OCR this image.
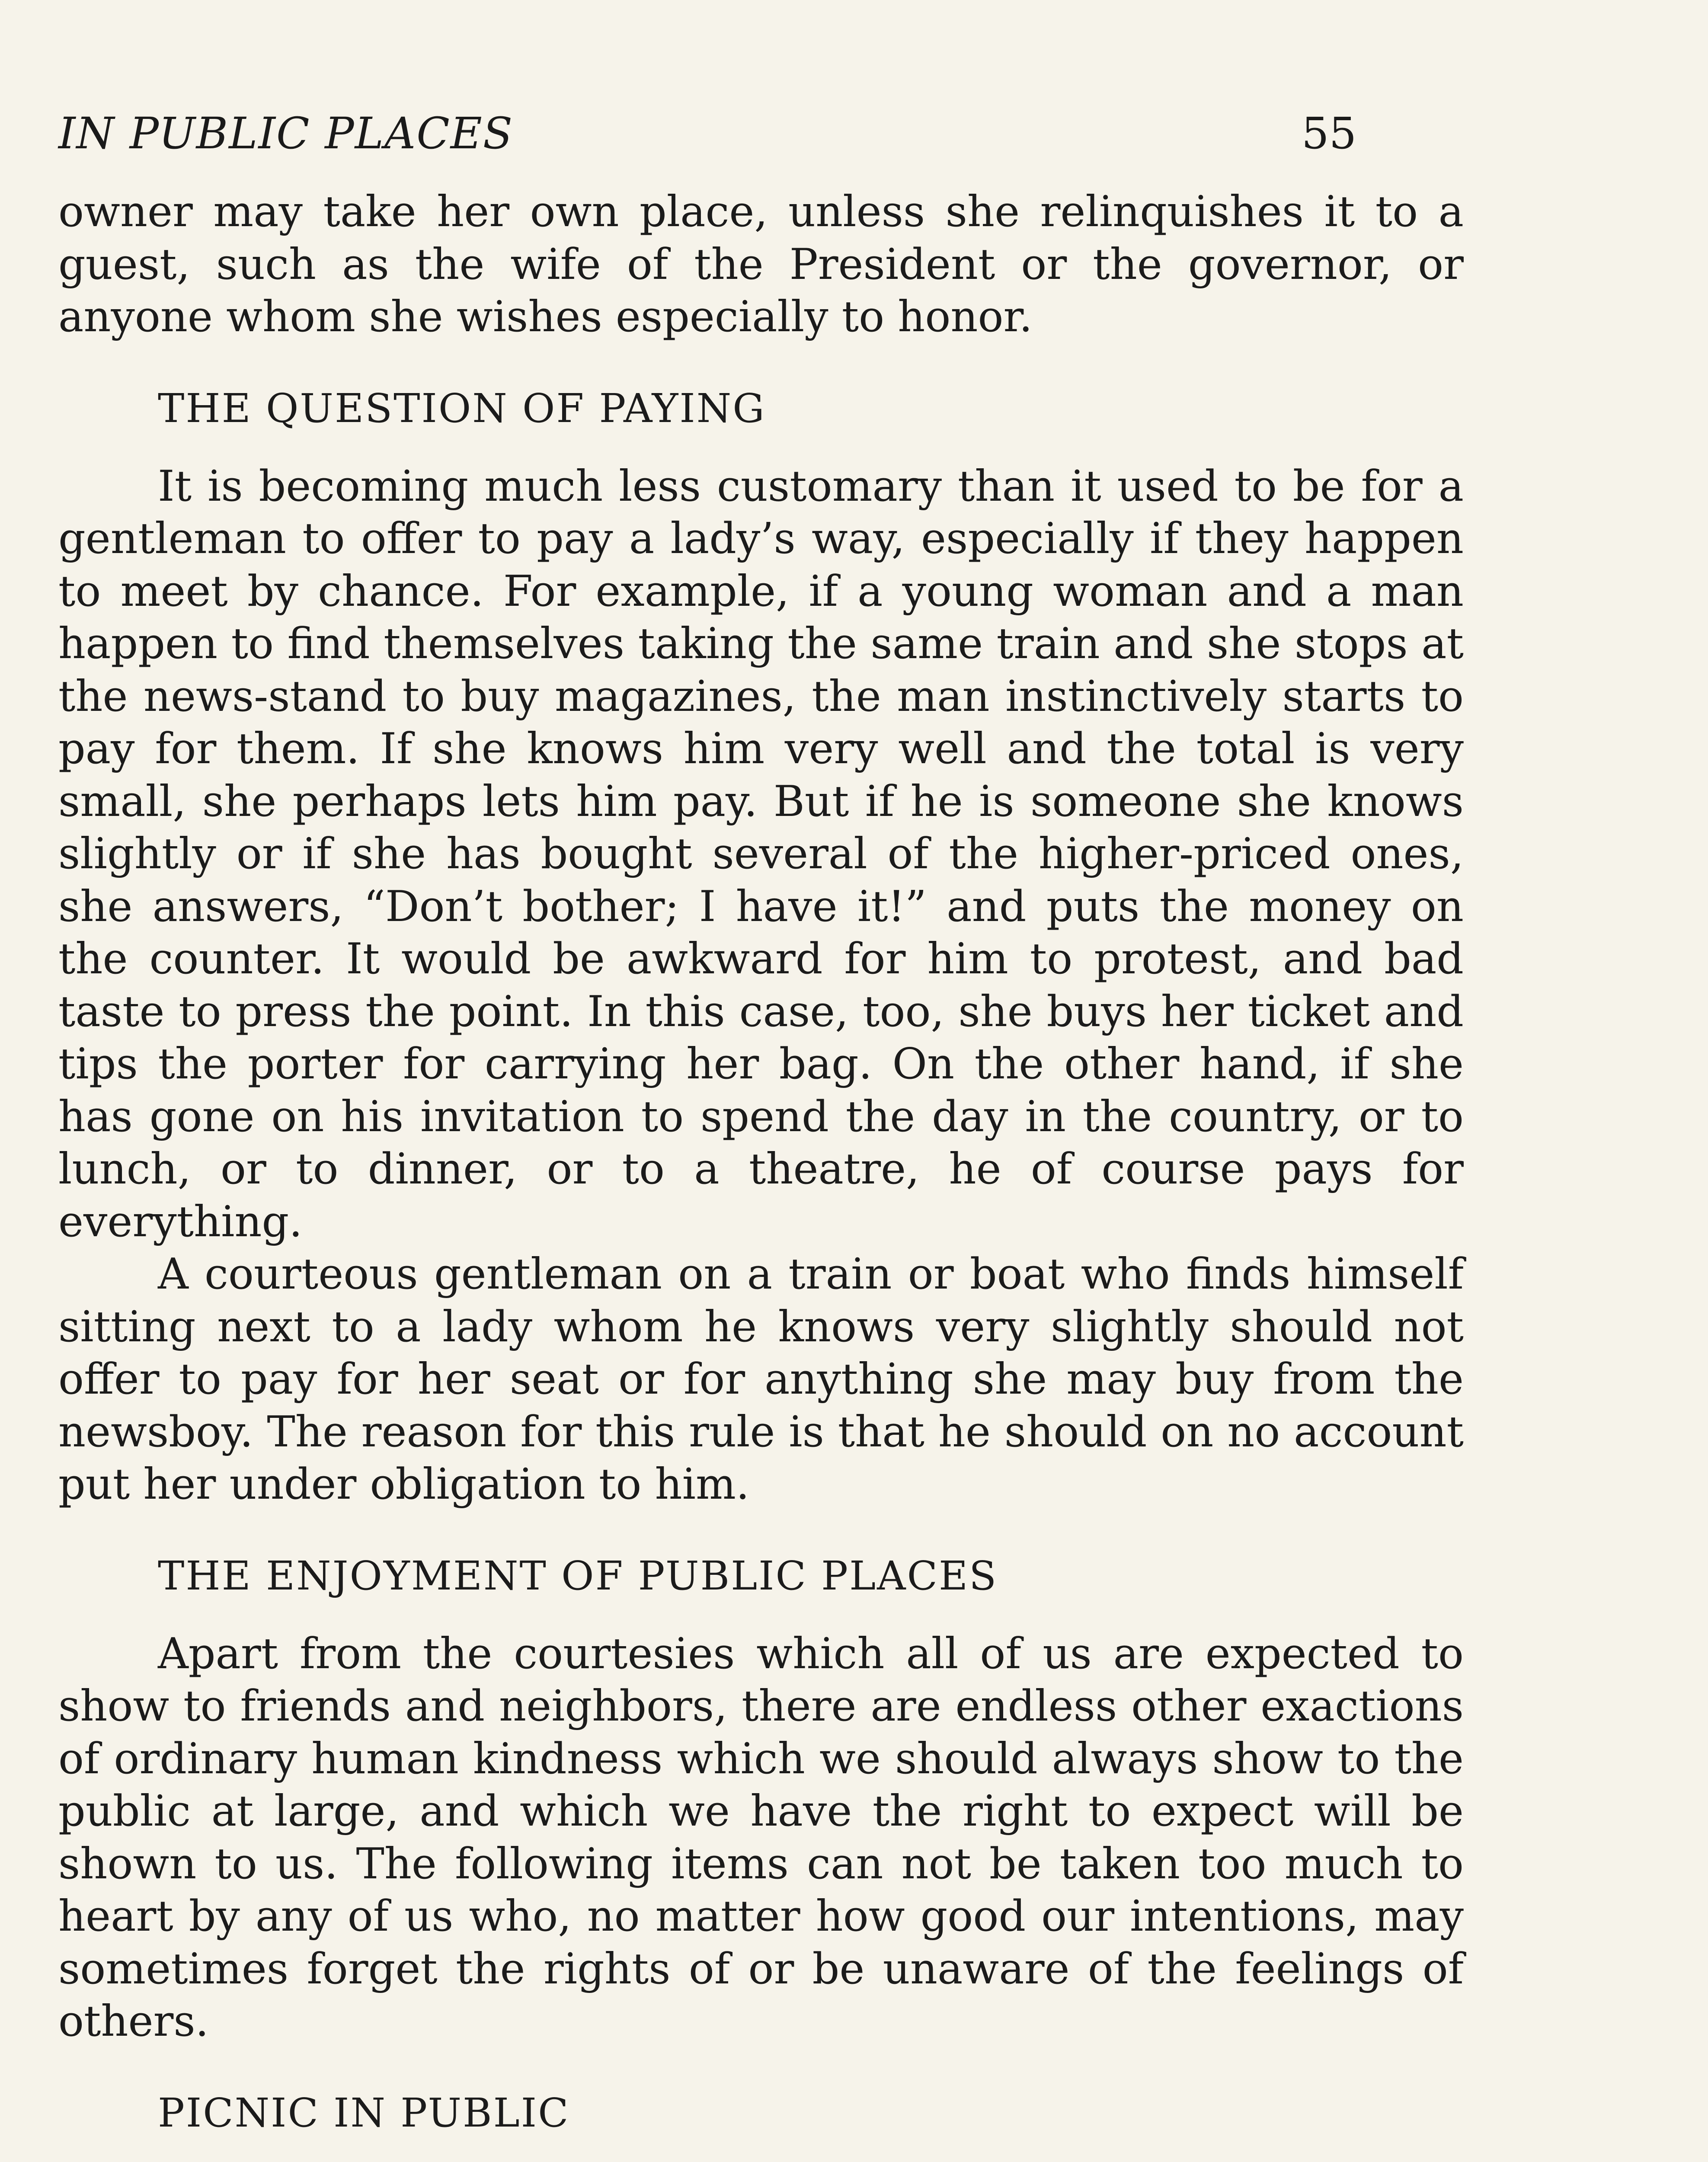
IN PUBLIC PLACES	55

owner may take her own place, unless she relinquishes it to a guest, such as the wife of the President or the governor, or anyone whom she wishes especially to honor.

THE QUESTION OF PAYING

It is becoming much less customary than it used to be for a gentleman to offer to pay a lady’s way, especially if they happen to meet by chance. For example, if a young woman and a man happen to find themselves taking the same train and she stops at the news-stand to buy magazines, the man instinctively starts to pay for them. If she knows him very well and the total is very small, she perhaps lets him pay. But if he is someone she knows slightly or if she has bought several of the higher-priced ones, she answers, “Don’t bother; I have it!” and puts the money on the counter. It would be awkward for him to protest, and bad taste to press the point. In this case, too, she buys her ticket and tips the porter for carrying her bag. On the other hand, if she has gone on his invitation to spend the day in the country, or to lunch, or to dinner, or to a theatre, he of course pays for everything.

A courteous gentleman on a train or boat who finds himself sitting next to a lady whom he knows very slightly should not offer to pay for her seat or for anything she may buy from the newsboy. The reason for this rule is that he should on no account put her under obligation to him.

THE ENJOYMENT OF PUBLIC PLACES

Apart from the courtesies which all of us are expected to show to friends and neighbors, there are endless other exactions of ordinary human kindness which we should always show to the public at large, and which we have the right to expect will be shown to us. The following items can not be taken too much to heart by any of us who, no matter how good our intentions, may sometimes forget the rights of or be unaware of the feelings of others.

PICNIC IN PUBLIC
